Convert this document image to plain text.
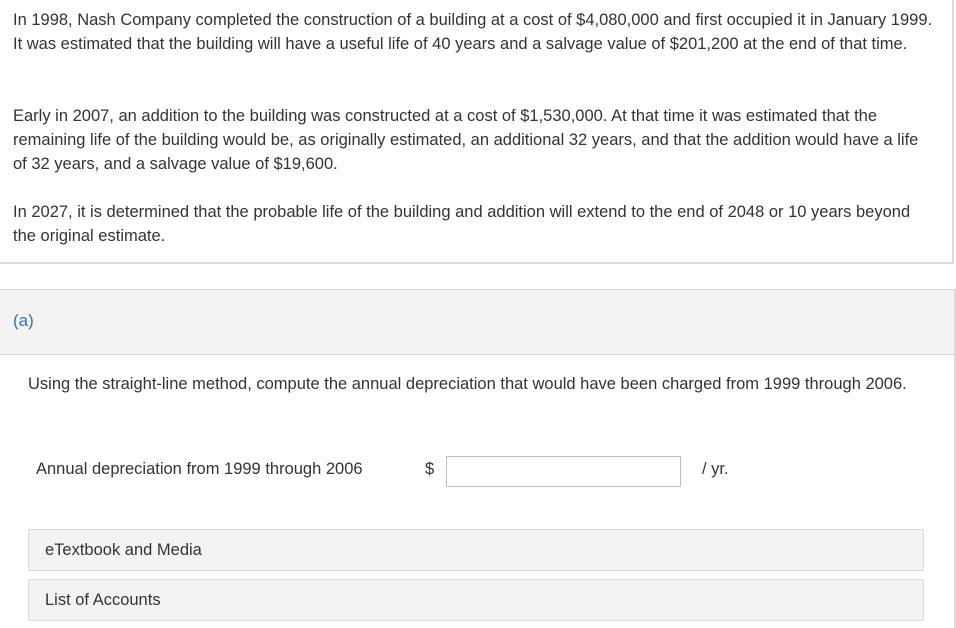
In 1998, Nash Company completed the construction of a building at a cost of $4,080,000 and first occupied it in January 1999. It was estimated that the building will have a useful life of 40 years and a salvage value of $201,200 at the end of that time.

Early in 2007, an addition to the building was constructed at a cost of $1,530,000. At that time it was estimated that the remaining life of the building would be, as originally estimated, an additional 32 years, and that the addition would have a life of 32 years, and a salvage value of $19,600.

In 2027, it is determined that the probable life of the building and addition will extend to the end of 2048 or 10 years beyond the original estimate.

(a)

Using the straight-line method, compute the annual depreciation that would have been charged from 1999 through 2006.

Annual depreciation from 1999 through 2006	$	/ yr.
eTextbook and Media
List of Accounts
